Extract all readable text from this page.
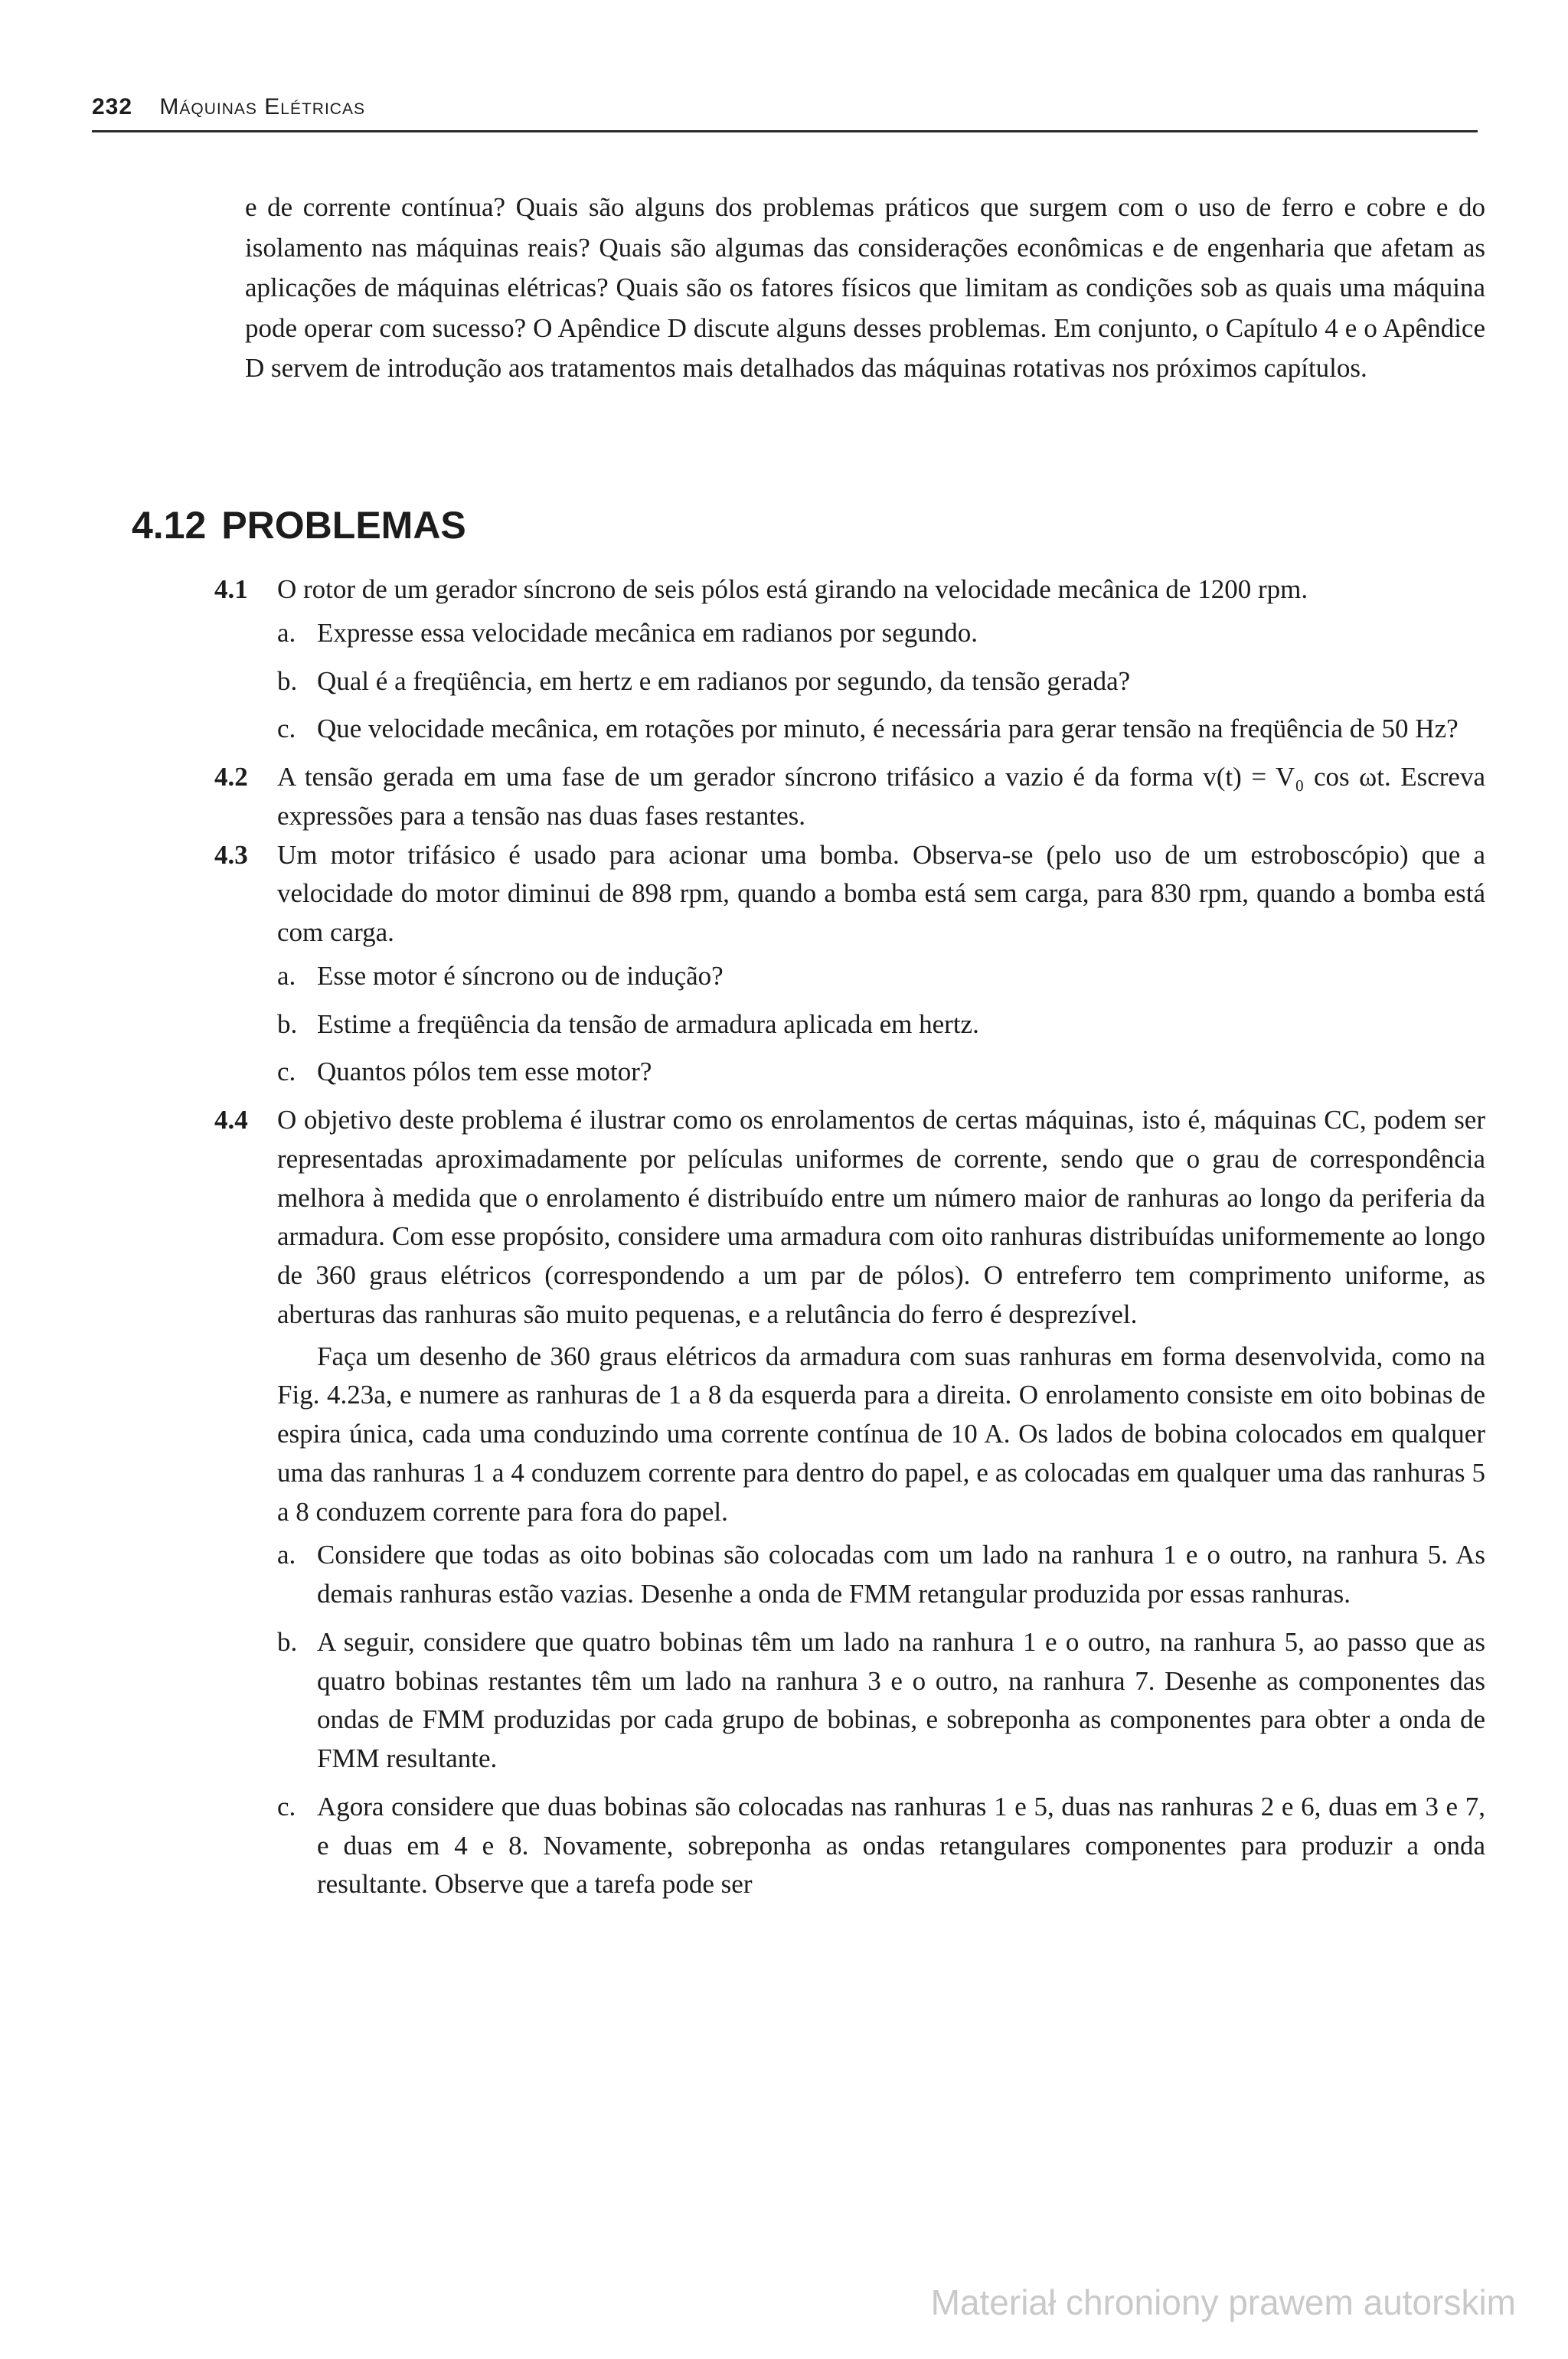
232 Máquinas Elétricas

e de corrente contínua? Quais são alguns dos problemas práticos que surgem com o uso de ferro e cobre e do isolamento nas máquinas reais? Quais são algumas das considerações econômicas e de engenharia que afetam as aplicações de máquinas elétricas? Quais são os fatores físicos que limitam as condições sob as quais uma máquina pode operar com sucesso? O Apêndice D discute alguns desses problemas. Em conjunto, o Capítulo 4 e o Apêndice D servem de introdução aos tratamentos mais detalhados das máquinas rotativas nos próximos capítulos.

4.12 PROBLEMAS
4.1 O rotor de um gerador síncrono de seis pólos está girando na velocidade mecânica de 1200 rpm.

a. Expresse essa velocidade mecânica em radianos por segundo.
b. Qual é a freqüência, em hertz e em radianos por segundo, da tensão gerada?
c. Que velocidade mecânica, em rotações por minuto, é necessária para gerar tensão na freqüência de 50 Hz?
4.2 A tensão gerada em uma fase de um gerador síncrono trifásico a vazio é da forma v(t) = V₀ cos ωt. Escreva expressões para a tensão nas duas fases restantes.

4.3 Um motor trifásico é usado para acionar uma bomba. Observa-se (pelo uso de um estroboscópio) que a velocidade do motor diminui de 898 rpm, quando a bomba está sem carga, para 830 rpm, quando a bomba está com carga.

a. Esse motor é síncrono ou de indução?
b. Estime a freqüência da tensão de armadura aplicada em hertz.
c. Quantos pólos tem esse motor?
4.4 O objetivo deste problema é ilustrar como os enrolamentos de certas máquinas, isto é, máquinas CC, podem ser representadas aproximadamente por películas uniformes de corrente, sendo que o grau de correspondência melhora à medida que o enrolamento é distribuído entre um número maior de ranhuras ao longo da periferia da armadura. Com esse propósito, considere uma armadura com oito ranhuras distribuídas uniformemente ao longo de 360 graus elétricos (correspondendo a um par de pólos). O entreferro tem comprimento uniforme, as aberturas das ranhuras são muito pequenas, e a relutância do ferro é desprezível.

Faça um desenho de 360 graus elétricos da armadura com suas ranhuras em forma desenvolvida, como na Fig. 4.23a, e numere as ranhuras de 1 a 8 da esquerda para a direita. O enrolamento consiste em oito bobinas de espira única, cada uma conduzindo uma corrente contínua de 10 A. Os lados de bobina colocados em qualquer uma das ranhuras 1 a 4 conduzem corrente para dentro do papel, e as colocadas em qualquer uma das ranhuras 5 a 8 conduzem corrente para fora do papel.

a. Considere que todas as oito bobinas são colocadas com um lado na ranhura 1 e o outro, na ranhura 5. As demais ranhuras estão vazias. Desenhe a onda de FMM retangular produzida por essas ranhuras.
b. A seguir, considere que quatro bobinas têm um lado na ranhura 1 e o outro, na ranhura 5, ao passo que as quatro bobinas restantes têm um lado na ranhura 3 e o outro, na ranhura 7. Desenhe as componentes das ondas de FMM produzidas por cada grupo de bobinas, e sobreponha as componentes para obter a onda de FMM resultante.
c. Agora considere que duas bobinas são colocadas nas ranhuras 1 e 5, duas nas ranhuras 2 e 6, duas em 3 e 7, e duas em 4 e 8. Novamente, sobreponha as ondas retangulares componentes para produzir a onda resultante. Observe que a tarefa pode ser
Materiał chroniony prawem autorskim
